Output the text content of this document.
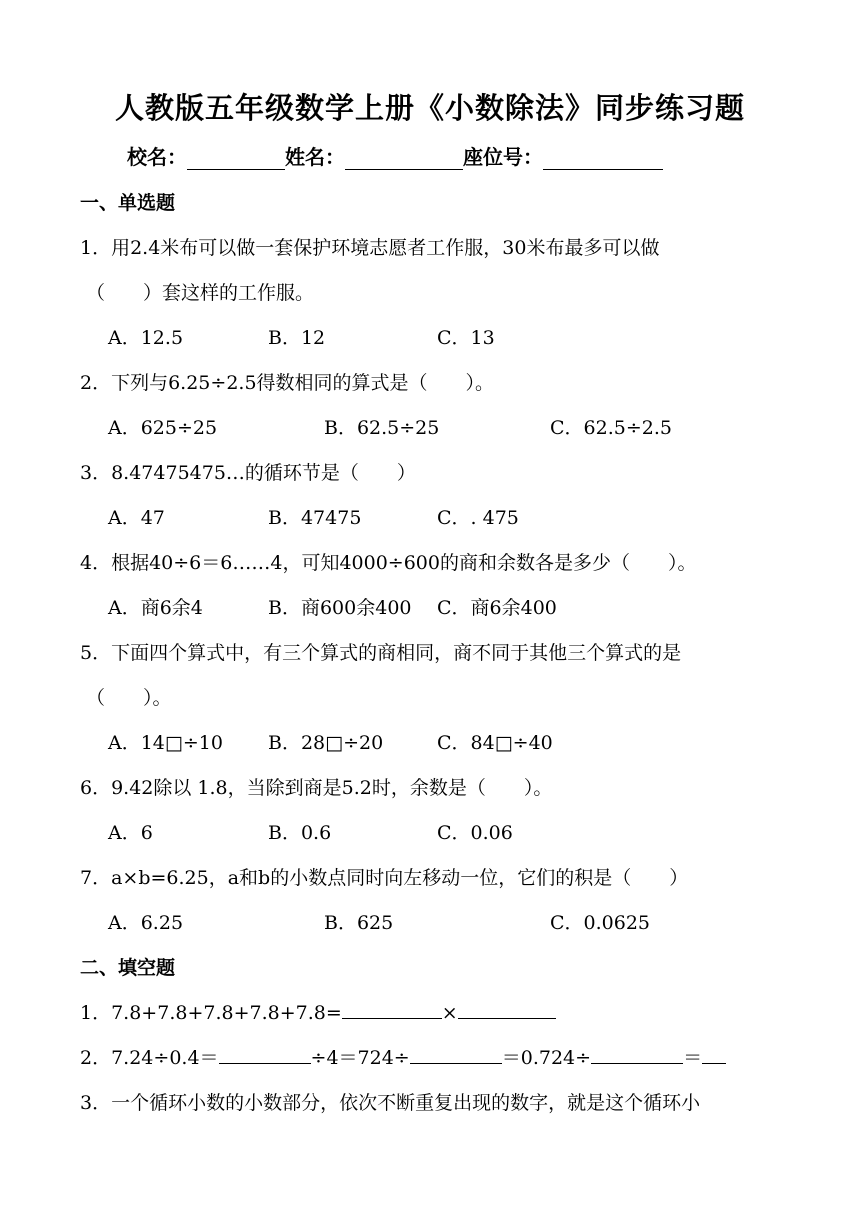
人教版五年级数学上册《小数除法》同步练习题
校名：	姓名：	座位号：
一、单选题
1．用2.4米布可以做一套保护环境志愿者工作服，30米布最多可以做
（　　）套这样的工作服。
A．12.5	B．12	C．13
2．下列与6.25÷2.5得数相同的算式是（　　）。
A．625÷25	B．62.5÷25	C．62.5÷2.5
3．8.47475475…的循环节是（　　）
A．47	B．47475	C．. 475
4．根据40÷6＝6……4，可知4000÷600的商和余数各是多少（　　）。
A．商6余4	B．商600余400 C．商6余400
5．下面四个算式中，有三个算式的商相同，商不同于其他三个算式的是
（　　）。
A．14□÷10 B．28□÷20	C．84□÷40
6．9.42除以 1.8，当除到商是5.2时，余数是（　　）。
A．6	B．0.6	C．0.06
7．a×b=6.25，a和b的小数点同时向左移动一位，它们的积是（　　）
A．6.25	B．625	C．0.0625
二、填空题
1．7.8+7.8+7.8+7.8+7.8=	×
2．7.24÷0.4＝	÷4＝724÷	＝0.724÷	＝
3．一个循环小数的小数部分，依次不断重复出现的数字，就是这个循环小
